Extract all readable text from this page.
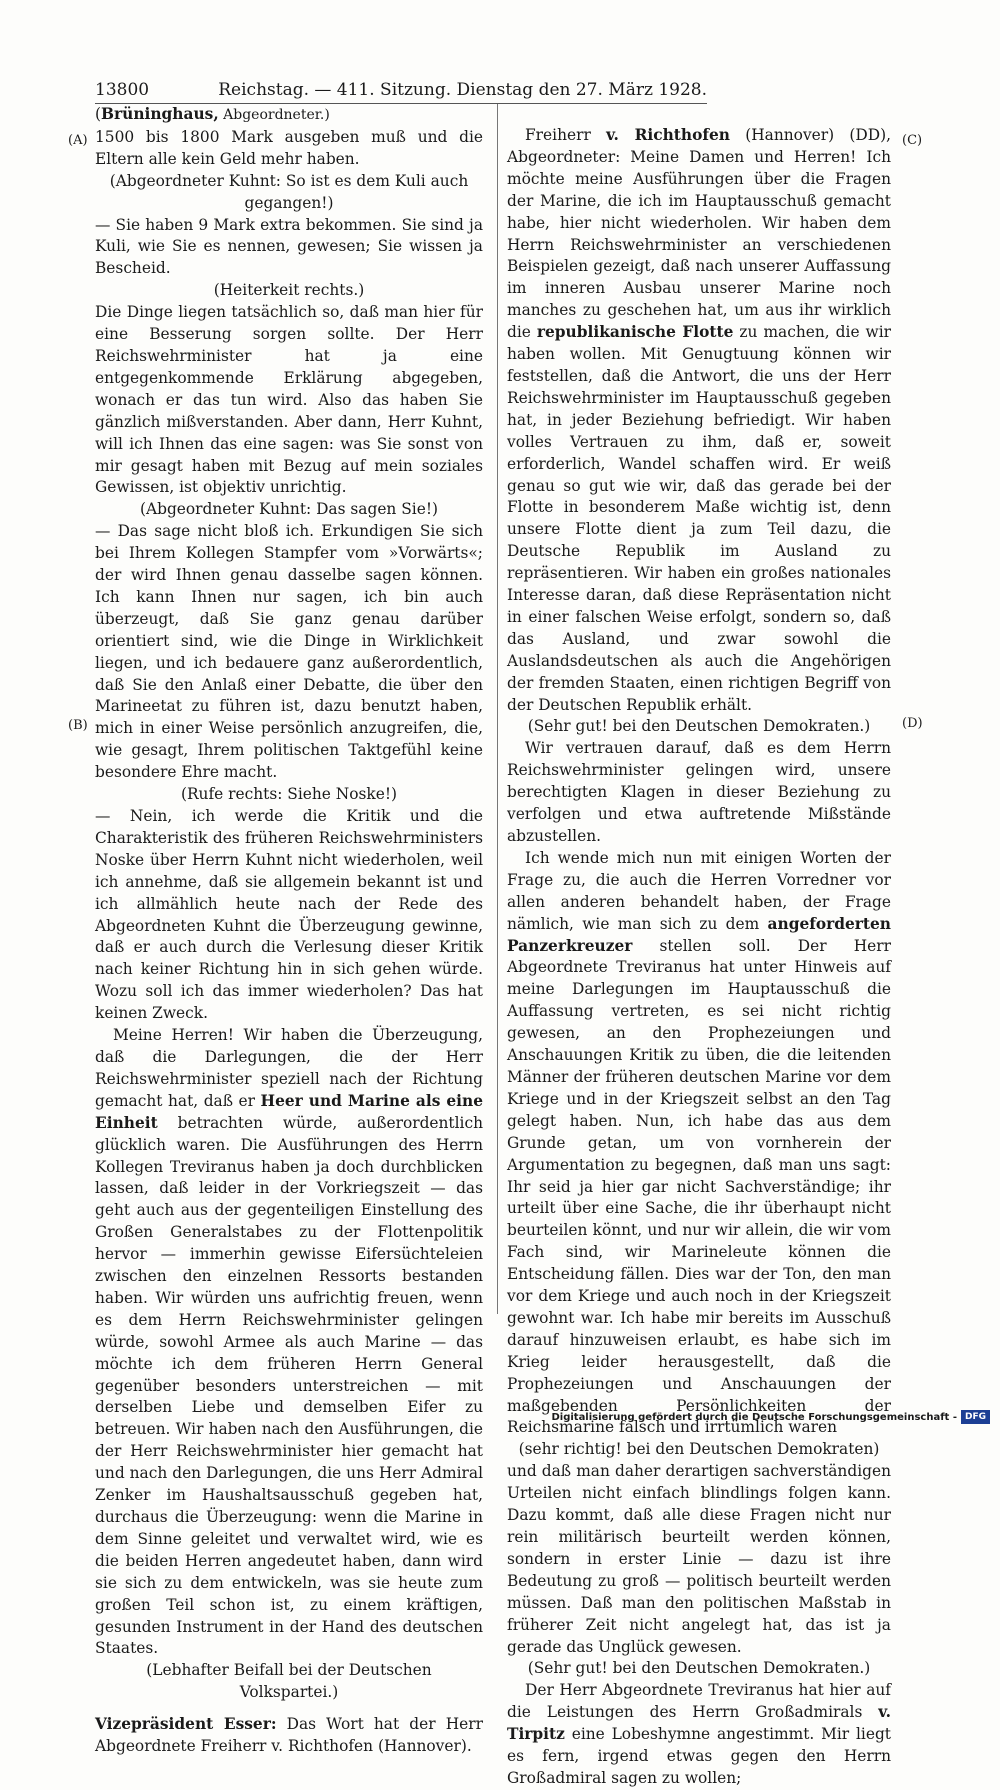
13800	Reichstag. — 411. Sitzung. Dienstag den 27. März 1928.
(A)
(B)
(C)
(D)

(Brüninghaus, Abgeordneter.)

1500 bis 1800 Mark ausgeben muß und die Eltern alle kein Geld mehr haben.

(Abgeordneter Kuhnt: So ist es dem Kuli auch gegangen!)

— Sie haben 9 Mark extra bekommen. Sie sind ja Kuli, wie Sie es nennen, gewesen; Sie wissen ja Bescheid.

(Heiterkeit rechts.)

Die Dinge liegen tatsächlich so, daß man hier für eine Besserung sorgen sollte. Der Herr Reichswehrminister hat ja eine entgegenkommende Erklärung abgegeben, wonach er das tun wird. Also das haben Sie gänzlich mißverstanden. Aber dann, Herr Kuhnt, will ich Ihnen das eine sagen: was Sie sonst von mir gesagt haben mit Bezug auf mein soziales Gewissen, ist objektiv unrichtig.

(Abgeordneter Kuhnt: Das sagen Sie!)

— Das sage nicht bloß ich. Erkundigen Sie sich bei Ihrem Kollegen Stampfer vom »Vorwärts«; der wird Ihnen genau dasselbe sagen können. Ich kann Ihnen nur sagen, ich bin auch überzeugt, daß Sie ganz genau darüber orientiert sind, wie die Dinge in Wirklichkeit liegen, und ich bedauere ganz außerordentlich, daß Sie den Anlaß einer Debatte, die über den Marineetat zu führen ist, dazu benutzt haben, mich in einer Weise persönlich anzugreifen, die, wie gesagt, Ihrem politischen Taktgefühl keine besondere Ehre macht.

(Rufe rechts: Siehe Noske!)

— Nein, ich werde die Kritik und die Charakteristik des früheren Reichswehrministers Noske über Herrn Kuhnt nicht wiederholen, weil ich annehme, daß sie allgemein bekannt ist und ich allmählich heute nach der Rede des Abgeordneten Kuhnt die Überzeugung gewinne, daß er auch durch die Verlesung dieser Kritik nach keiner Richtung hin in sich gehen würde. Wozu soll ich das immer wiederholen? Das hat keinen Zweck.

Meine Herren! Wir haben die Überzeugung, daß die Darlegungen, die der Herr Reichswehrminister speziell nach der Richtung gemacht hat, daß er Heer und Marine als eine Einheit betrachten würde, außerordentlich glücklich waren. Die Ausführungen des Herrn Kollegen Treviranus haben ja doch durchblicken lassen, daß leider in der Vorkriegszeit — das geht auch aus der gegenteiligen Einstellung des Großen Generalstabes zu der Flottenpolitik hervor — immerhin gewisse Eifersüchteleien zwischen den einzelnen Ressorts bestanden haben. Wir würden uns aufrichtig freuen, wenn es dem Herrn Reichswehrminister gelingen würde, sowohl Armee als auch Marine — das möchte ich dem früheren Herrn General gegenüber besonders unterstreichen — mit derselben Liebe und demselben Eifer zu betreuen. Wir haben nach den Ausführungen, die der Herr Reichswehrminister hier gemacht hat und nach den Darlegungen, die uns Herr Admiral Zenker im Haushaltsausschuß gegeben hat, durchaus die Überzeugung: wenn die Marine in dem Sinne geleitet und verwaltet wird, wie es die beiden Herren angedeutet haben, dann wird sie sich zu dem entwickeln, was sie heute zum großen Teil schon ist, zu einem kräftigen, gesunden Instrument in der Hand des deutschen Staates.

(Lebhafter Beifall bei der Deutschen Volkspartei.)

Vizepräsident Esser: Das Wort hat der Herr Abgeordnete Freiherr v. Richthofen (Hannover).

Freiherr v. Richthofen (Hannover) (DD), Abgeordneter: Meine Damen und Herren! Ich möchte meine Ausführungen über die Fragen der Marine, die ich im Hauptausschuß gemacht habe, hier nicht wiederholen. Wir haben dem Herrn Reichswehrminister an verschiedenen Beispielen gezeigt, daß nach unserer Auffassung im inneren Ausbau unserer Marine noch manches zu geschehen hat, um aus ihr wirklich die republikanische Flotte zu machen, die wir haben wollen. Mit Genugtuung können wir feststellen, daß die Antwort, die uns der Herr Reichswehrminister im Hauptausschuß gegeben hat, in jeder Beziehung befriedigt. Wir haben volles Vertrauen zu ihm, daß er, soweit erforderlich, Wandel schaffen wird. Er weiß genau so gut wie wir, daß das gerade bei der Flotte in besonderem Maße wichtig ist, denn unsere Flotte dient ja zum Teil dazu, die Deutsche Republik im Ausland zu repräsentieren. Wir haben ein großes nationales Interesse daran, daß diese Repräsentation nicht in einer falschen Weise erfolgt, sondern so, daß das Ausland, und zwar sowohl die Auslandsdeutschen als auch die Angehörigen der fremden Staaten, einen richtigen Begriff von der Deutschen Republik erhält.

(Sehr gut! bei den Deutschen Demokraten.)

Wir vertrauen darauf, daß es dem Herrn Reichswehrminister gelingen wird, unsere berechtigten Klagen in dieser Beziehung zu verfolgen und etwa auftretende Mißstände abzustellen.

Ich wende mich nun mit einigen Worten der Frage zu, die auch die Herren Vorredner vor allen anderen behandelt haben, der Frage nämlich, wie man sich zu dem angeforderten Panzerkreuzer stellen soll. Der Herr Abgeordnete Treviranus hat unter Hinweis auf meine Darlegungen im Hauptausschuß die Auffassung vertreten, es sei nicht richtig gewesen, an den Prophezeiungen und Anschauungen Kritik zu üben, die die leitenden Männer der früheren deutschen Marine vor dem Kriege und in der Kriegszeit selbst an den Tag gelegt haben. Nun, ich habe das aus dem Grunde getan, um von vornherein der Argumentation zu begegnen, daß man uns sagt: Ihr seid ja hier gar nicht Sachverständige; ihr urteilt über eine Sache, die ihr überhaupt nicht beurteilen könnt, und nur wir allein, die wir vom Fach sind, wir Marineleute können die Entscheidung fällen. Dies war der Ton, den man vor dem Kriege und auch noch in der Kriegszeit gewohnt war. Ich habe mir bereits im Ausschuß darauf hinzuweisen erlaubt, es habe sich im Krieg leider herausgestellt, daß die Prophezeiungen und Anschauungen der maßgebenden Persönlichkeiten der Reichsmarine falsch und irrtümlich waren

(sehr richtig! bei den Deutschen Demokraten)

und daß man daher derartigen sachverständigen Urteilen nicht einfach blindlings folgen kann. Dazu kommt, daß alle diese Fragen nicht nur rein militärisch beurteilt werden können, sondern in erster Linie — dazu ist ihre Bedeutung zu groß — politisch beurteilt werden müssen. Daß man den politischen Maßstab in früherer Zeit nicht angelegt hat, das ist ja gerade das Unglück gewesen.

(Sehr gut! bei den Deutschen Demokraten.)

Der Herr Abgeordnete Treviranus hat hier auf die Leistungen des Herrn Großadmirals v. Tirpitz eine Lobeshymne angestimmt. Mir liegt es fern, irgend etwas gegen den Herrn Großadmiral sagen zu wollen;

Digitalisierung gefördert durch die Deutsche Forschungsgemeinschaft - DFG
